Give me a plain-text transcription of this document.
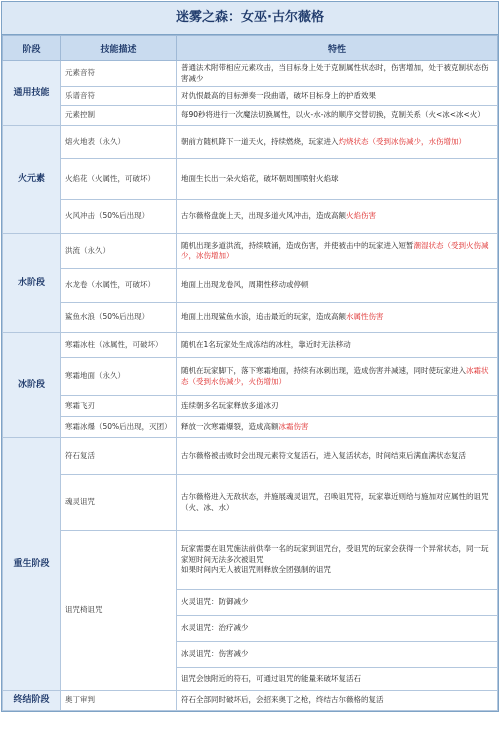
迷雾之森：女巫·古尔薇格
阶段	技能描述	特性
通用技能	元素音符	普通法术附带相应元素攻击，当目标身上处于克制属性状态时，伤害增加，处于被克制状态伤害减少
	乐谱音符	对仇恨最高的目标弹奏一段曲谱，破坏目标身上的护盾效果
	元素控制	每90秒将进行一次魔法切换属性，以火-水-冰的顺序交替切换，克制关系（火<冰<冰<火）
火元素	熔火地表（永久）	朝前方随机降下一道天火，持续燃烧，玩家进入灼烧状态（受到冰伤减少，水伤增加）
	火焰花（火属性，可破坏）	地面生长出一朵火焰花，破坏朝周围喷射火焰球
	火风冲击（50%后出现）	古尔薇格盘旋上天，出现多道火风冲击，造成高额火焰伤害
水阶段	洪流（永久）	随机出现多道洪流，持续喷涌，造成伤害，并使被击中的玩家进入短暂潮湿状态（受到火伤减少，冰伤增加）
	水龙卷（水属性，可破坏）	地面上出现龙卷风，周期性移动或停顿
	鲨鱼水浪（50%后出现）	地面上出现鲨鱼水浪，追击最近的玩家，造成高额水属性伤害
冰阶段	寒霜冰柱（冰属性，可破坏）	随机在1名玩家处生成冻结的冰柱，靠近时无法移动
	寒霜地面（永久）	随机在玩家脚下，落下寒霜地面，持续有冰刺出现，造成伤害并减速，同时使玩家进入冰霜状态（受到水伤减少，火伤增加）
	寒霜飞刃	连续朝多名玩家释放多道冰刃
	寒霜冰爆（50%后出现，灭团）	释放一次寒霜爆裂，造成高额冰霜伤害
重生阶段	符石复活	古尔薇格被击败时会出现元素符文复活石，进入复活状态，时间结束后满血满状态复活
	魂灵诅咒	古尔薇格进入无敌状态，并施展魂灵诅咒，召唤诅咒符，玩家靠近则给与施加对应属性的诅咒（火、冰、水）
	诅咒椅诅咒	玩家需要在诅咒施法前供奉一名的玩家到诅咒台，受诅咒的玩家会获得一个异常状态，同一玩家短时间无法多次被诅咒
如果时间内无人被诅咒则释放全团强制的诅咒
		火灵诅咒：防御减少
		水灵诅咒：治疗减少
		冰灵诅咒：伤害减少
		诅咒会蚀附近的符石，可通过诅咒的能量来破坏复活石
终结阶段	奥丁审判	符石全部同时破坏后，会招来奥丁之枪，终结古尔薇格的复活
